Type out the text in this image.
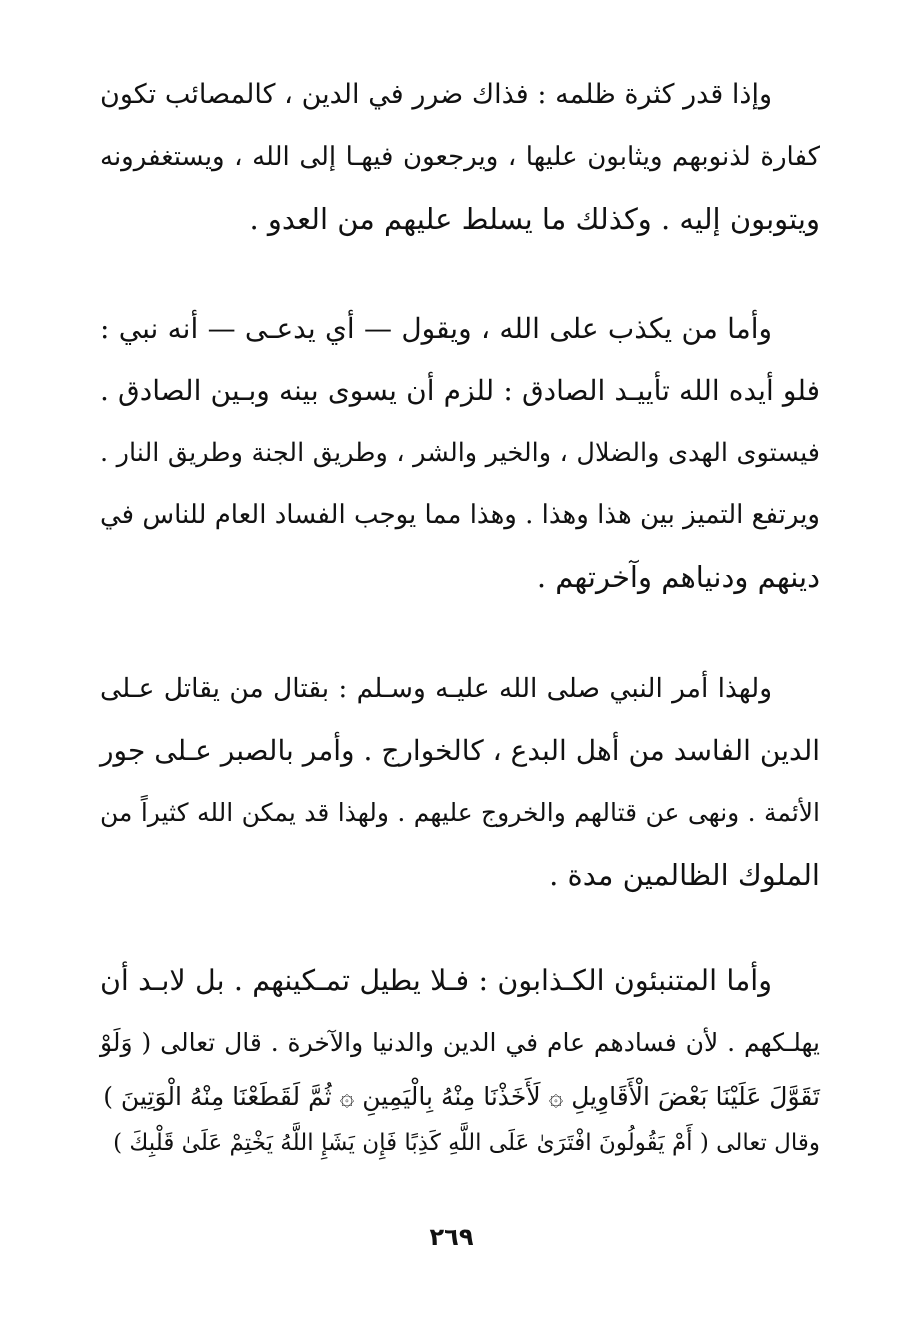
وإذا قدر كثرة ظلمه : فذاك ضرر في الدين ، كالمصائب تكون
كفارة لذنوبهم ويثابون عليها ، ويرجعون فيهـا إلى الله ، ويستغفرونه
ويتوبون إليه . وكذلك ما يسلط عليهم من العدو .
وأما من يكذب على الله ، ويقول — أي يدعـى — أنه نبي :
فلو أيده الله تأييـد الصادق : للزم أن يسوى بينه وبـين الصادق .
فيستوى الهدى والضلال ، والخير والشر ، وطريق الجنة وطريق النار .
ويرتفع التميز بين هذا وهذا . وهذا مما يوجب الفساد العام للناس في
دينهم ودنياهم وآخرتهم .
ولهذا أمر النبي صلى الله عليـه وسـلم : بقتال من يقاتل عـلى
الدين الفاسد من أهل البدع ، كالخوارج . وأمر بالصبر عـلى جور
الأئمة . ونهى عن قتالهم والخروج عليهم . ولهذا قد يمكن الله كثيراً من
الملوك الظالمين مدة .
وأما المتنبئون الكـذابون : فـلا يطيل تمـكينهم . بل لابـد أن
يهلـكهم . لأن فسادهم عام في الدين والدنيا والآخرة . قال تعالى ( وَلَوْ
تَقَوَّلَ عَلَيْنَا بَعْضَ الْأَقَاوِيلِ ۞ لَأَخَذْنَا مِنْهُ بِالْيَمِينِ ۞ ثُمَّ لَقَطَعْنَا مِنْهُ الْوَتِينَ )
وقال تعالى ( أَمْ يَقُولُونَ افْتَرَىٰ عَلَى اللَّهِ كَذِبًا فَإِن يَشَإِ اللَّهُ يَخْتِمْ عَلَىٰ قَلْبِكَ )
٢٦٩
